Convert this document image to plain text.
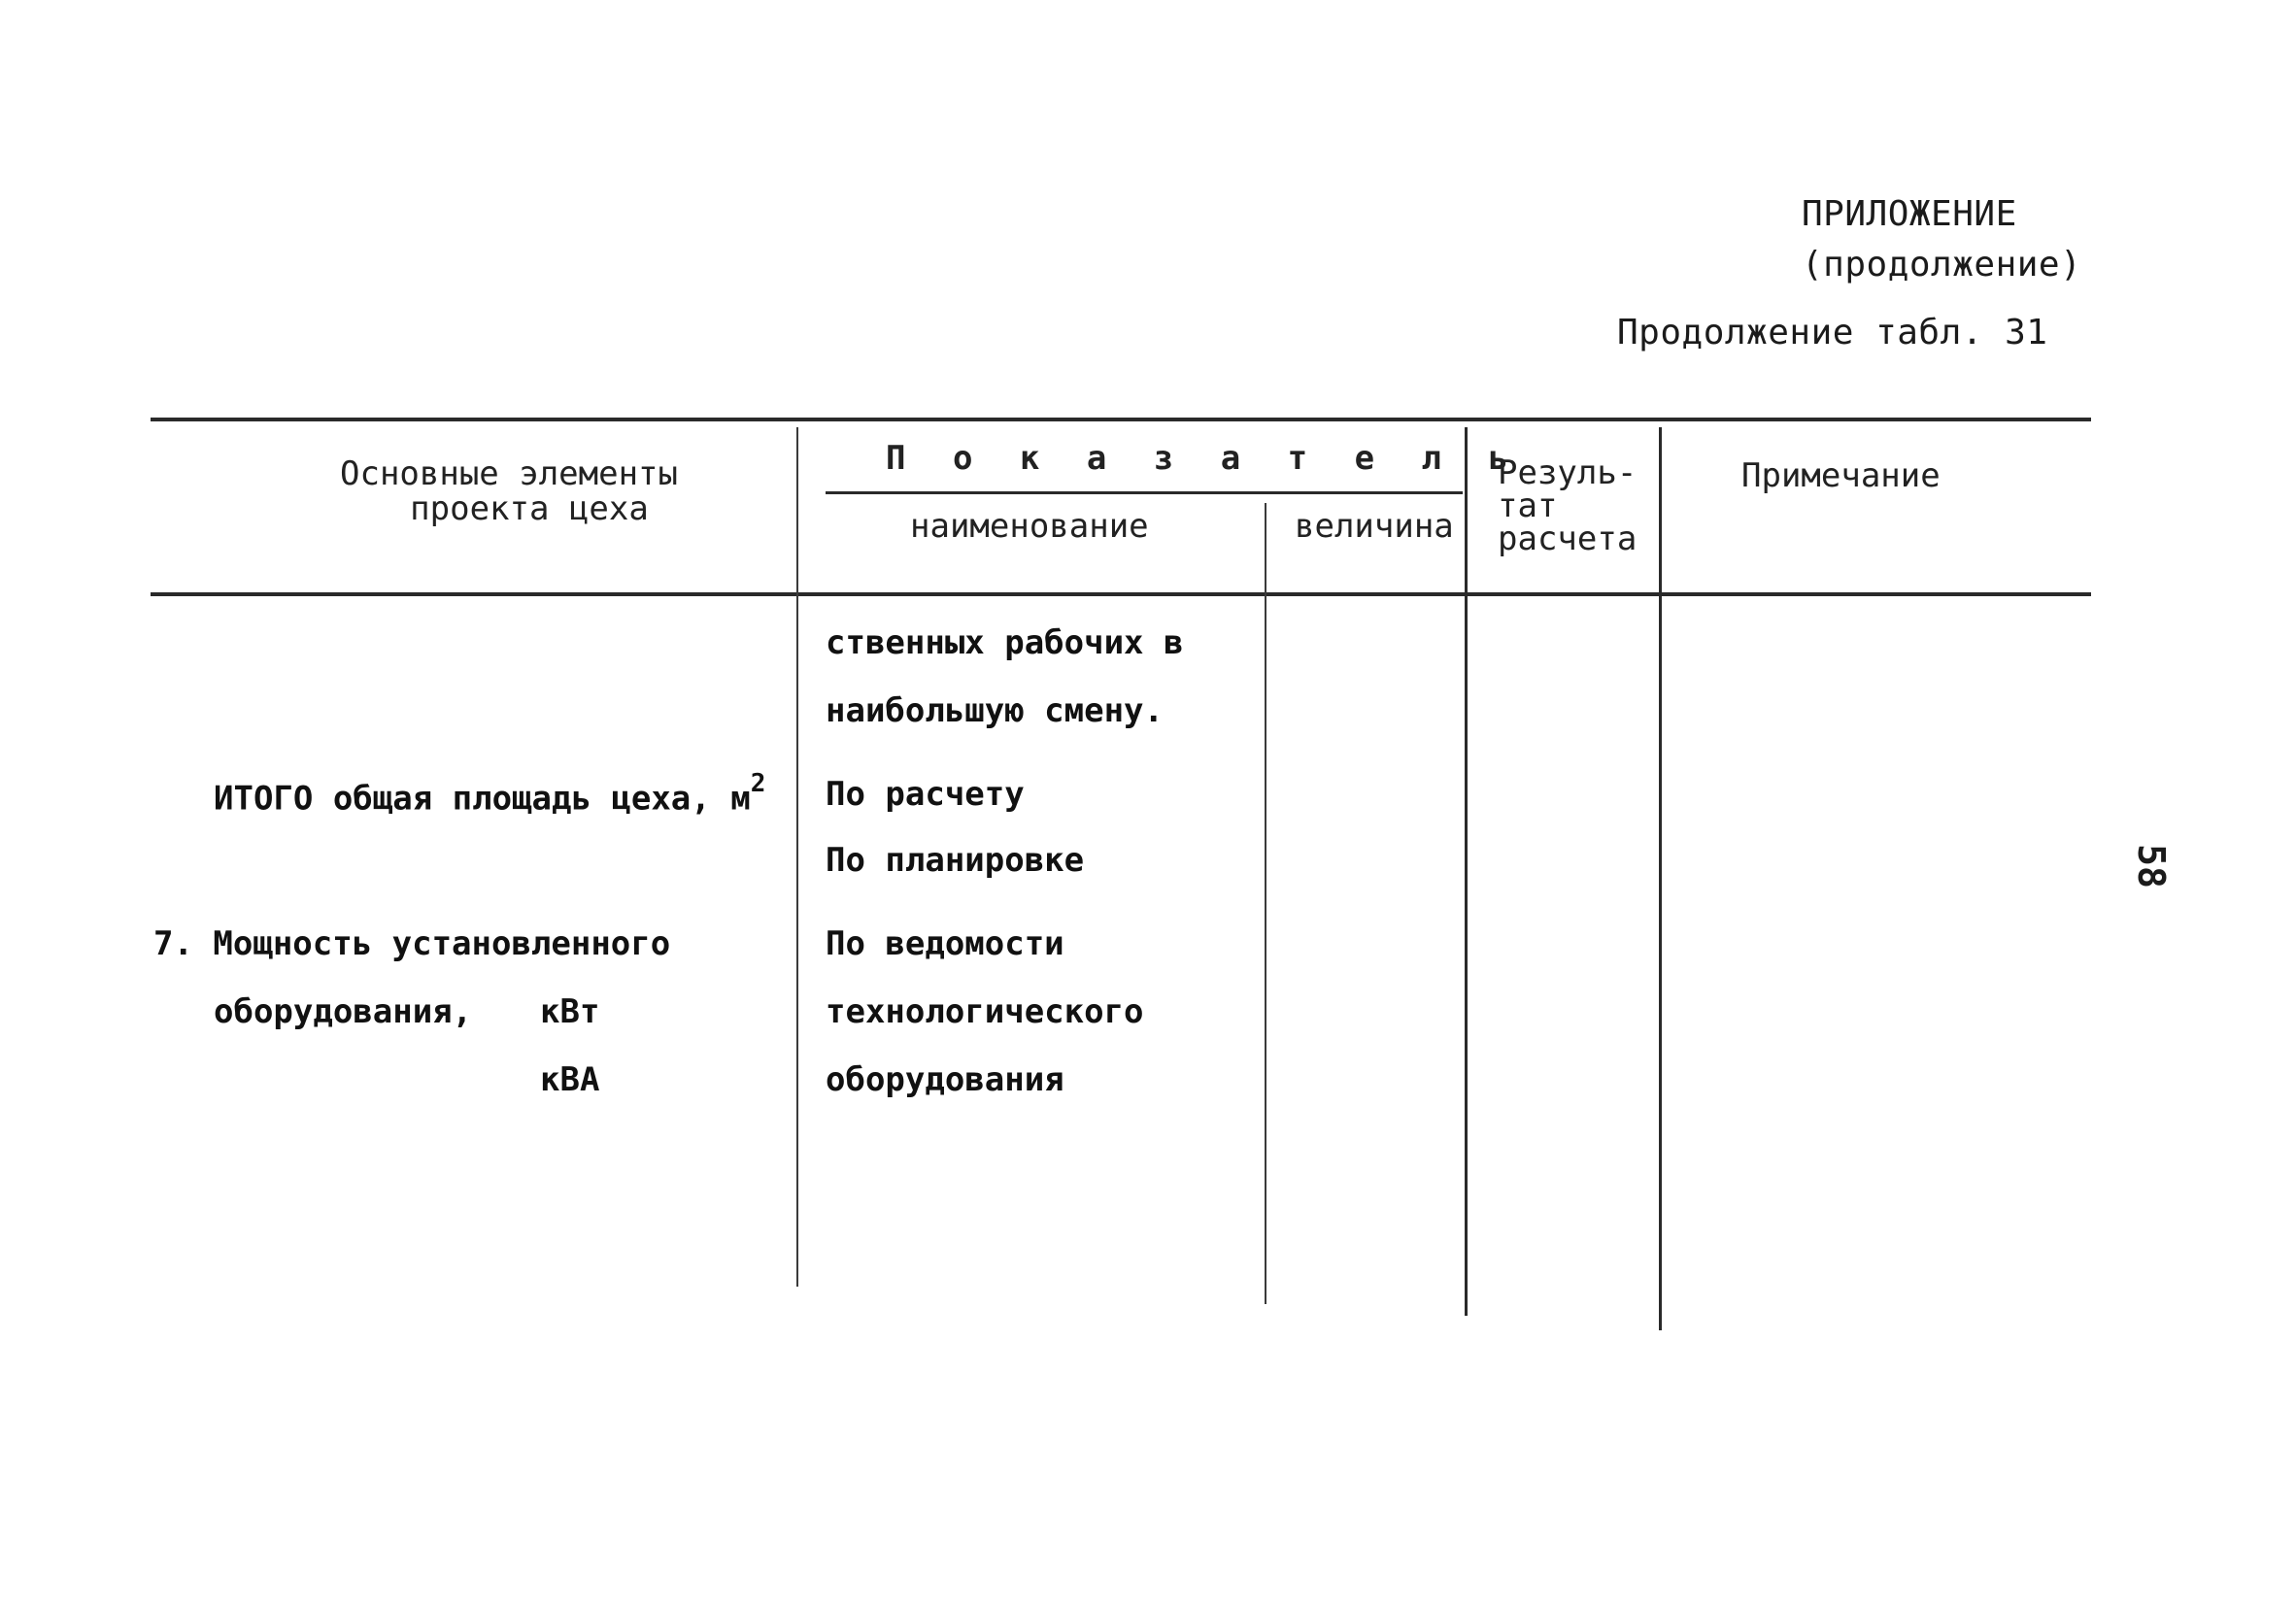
ПРИЛОЖЕНИЕ
(продолжение)
Продолжение табл. 31
Основные элементы
проекта цеха
П о к а з а т е л ь
наименование	величина
Резуль-
тат
расчета
Примечание
ственных рабочих в
наибольшую смену.
ИТОГО общая площадь цеха, $м^2$ По расчету
По планировке
7. Мощность установленного
оборудования, кВт
кВА
По ведомости
технологического
оборудования
58
